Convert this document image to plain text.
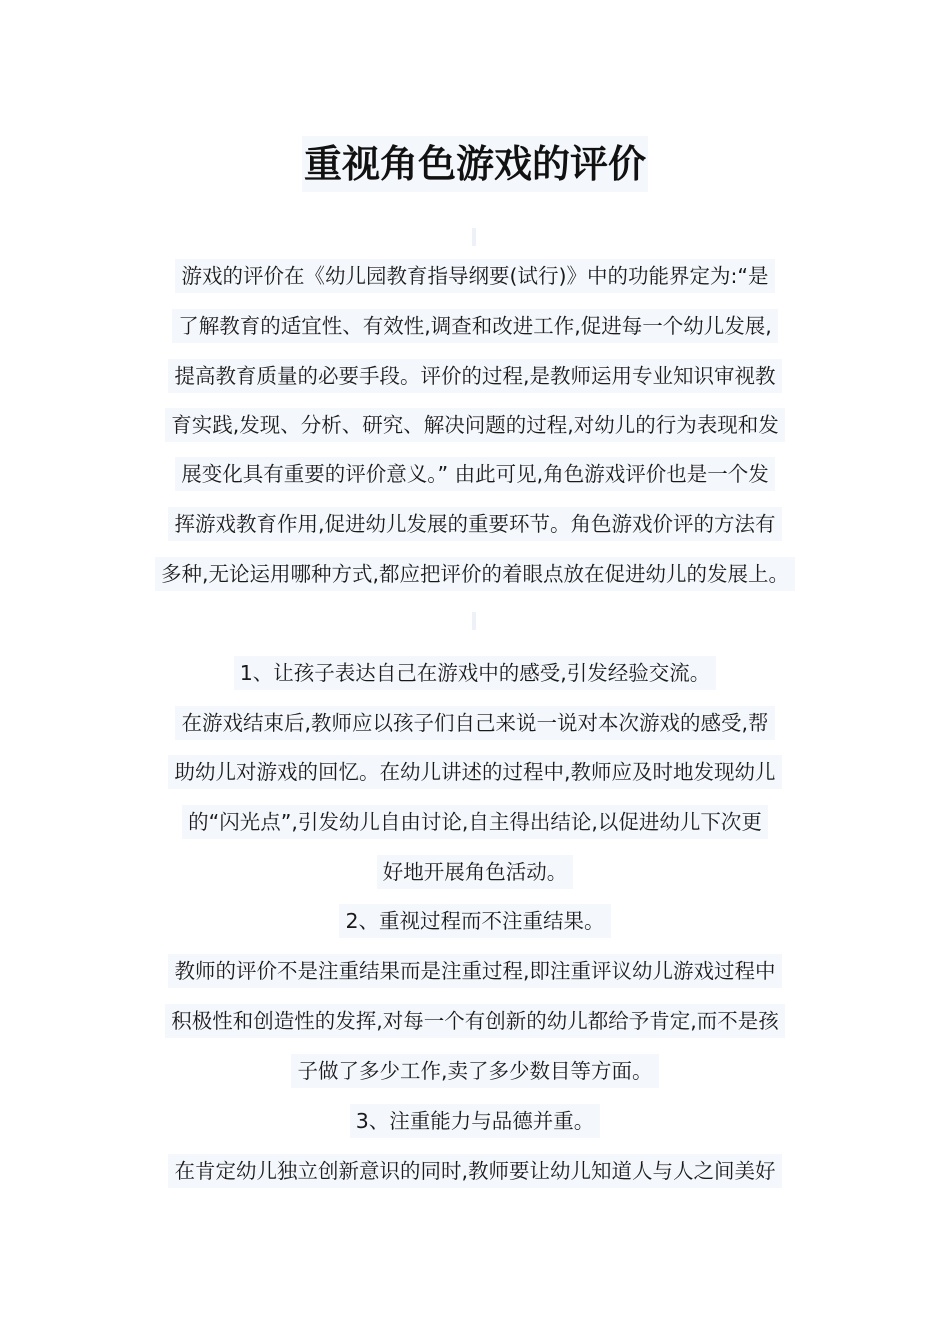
重视角色游戏的评价
游戏的评价在《幼儿园教育指导纲要(试行)》中的功能界定为:“是
了解教育的适宜性、有效性,调查和改进工作,促进每一个幼儿发展,
提高教育质量的必要手段。评价的过程,是教师运用专业知识审视教
育实践,发现、分析、研究、解决问题的过程,对幼儿的行为表现和发
展变化具有重要的评价意义。” 由此可见,角色游戏评价也是一个发
挥游戏教育作用,促进幼儿发展的重要环节。角色游戏价评的方法有
多种,无论运用哪种方式,都应把评价的着眼点放在促进幼儿的发展上。
1、让孩子表达自己在游戏中的感受,引发经验交流。
在游戏结束后,教师应以孩子们自己来说一说对本次游戏的感受,帮
助幼儿对游戏的回忆。在幼儿讲述的过程中,教师应及时地发现幼儿
的“闪光点”,引发幼儿自由讨论,自主得出结论,以促进幼儿下次更
好地开展角色活动。
2、重视过程而不注重结果。
教师的评价不是注重结果而是注重过程,即注重评议幼儿游戏过程中
积极性和创造性的发挥,对每一个有创新的幼儿都给予肯定,而不是孩
子做了多少工作,卖了多少数目等方面。
3、注重能力与品德并重。
在肯定幼儿独立创新意识的同时,教师要让幼儿知道人与人之间美好
